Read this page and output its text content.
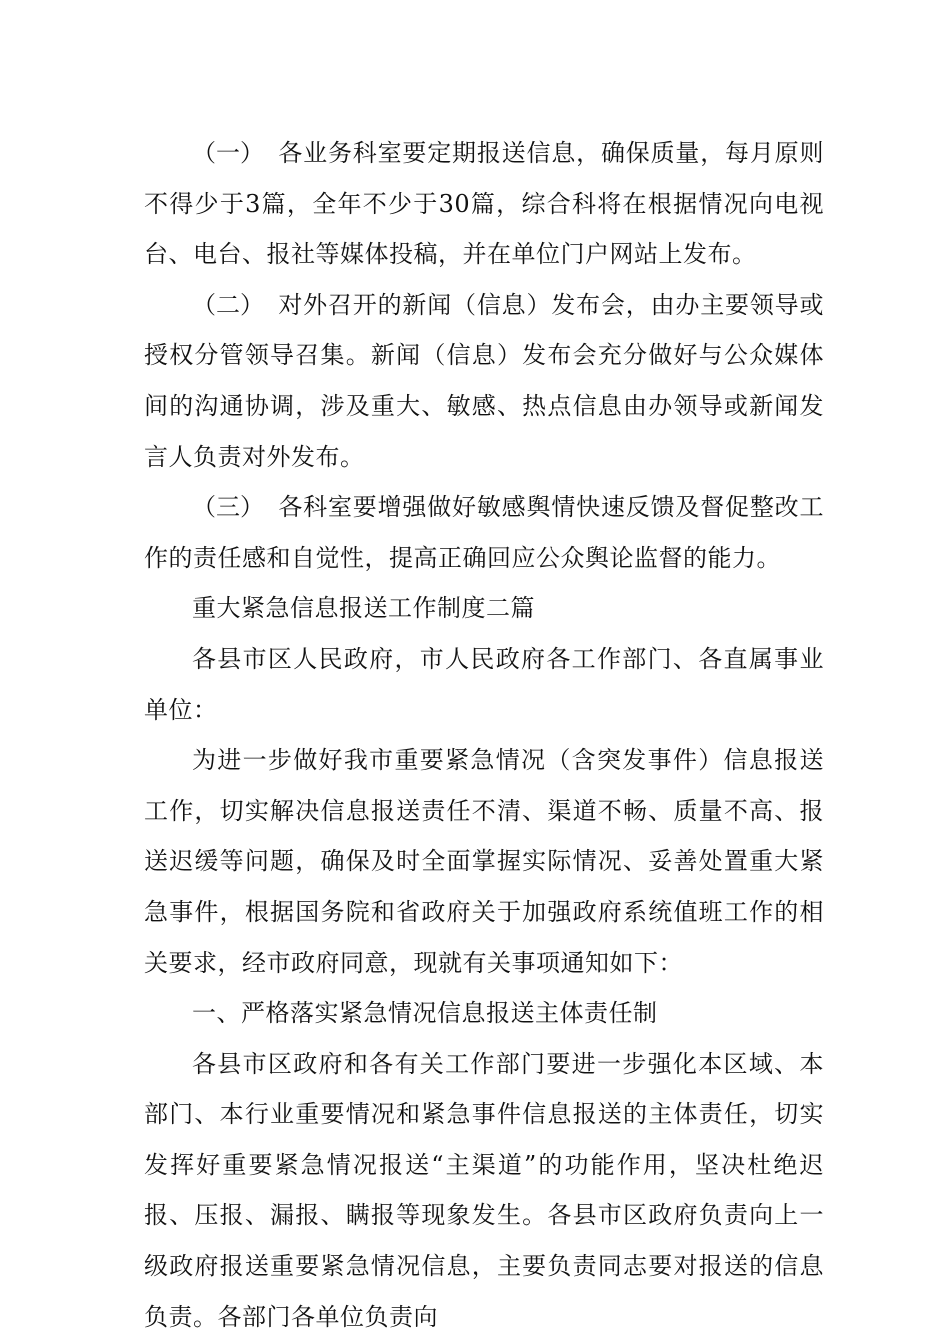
（一） 各业务科室要定期报送信息，确保质量，每月原则不得少于3篇，全年不少于30篇，综合科将在根据情况向电视台、电台、报社等媒体投稿，并在单位门户网站上发布。

（二） 对外召开的新闻（信息）发布会，由办主要领导或授权分管领导召集。新闻（信息）发布会充分做好与公众媒体间的沟通协调，涉及重大、敏感、热点信息由办领导或新闻发言人负责对外发布。

（三） 各科室要增强做好敏感舆情快速反馈及督促整改工作的责任感和自觉性，提高正确回应公众舆论监督的能力。

重大紧急信息报送工作制度二篇

各县市区人民政府，市人民政府各工作部门、各直属事业单位：

为进一步做好我市重要紧急情况（含突发事件）信息报送工作，切实解决信息报送责任不清、渠道不畅、质量不高、报送迟缓等问题，确保及时全面掌握实际情况、妥善处置重大紧急事件，根据国务院和省政府关于加强政府系统值班工作的相关要求，经市政府同意，现就有关事项通知如下：

一、严格落实紧急情况信息报送主体责任制

各县市区政府和各有关工作部门要进一步强化本区域、本部门、本行业重要情况和紧急事件信息报送的主体责任，切实发挥好重要紧急情况报送“主渠道”的功能作用，坚决杜绝迟报、压报、漏报、瞒报等现象发生。各县市区政府负责向上一级政府报送重要紧急情况信息，主要负责同志要对报送的信息负责。各部门各单位负责向
